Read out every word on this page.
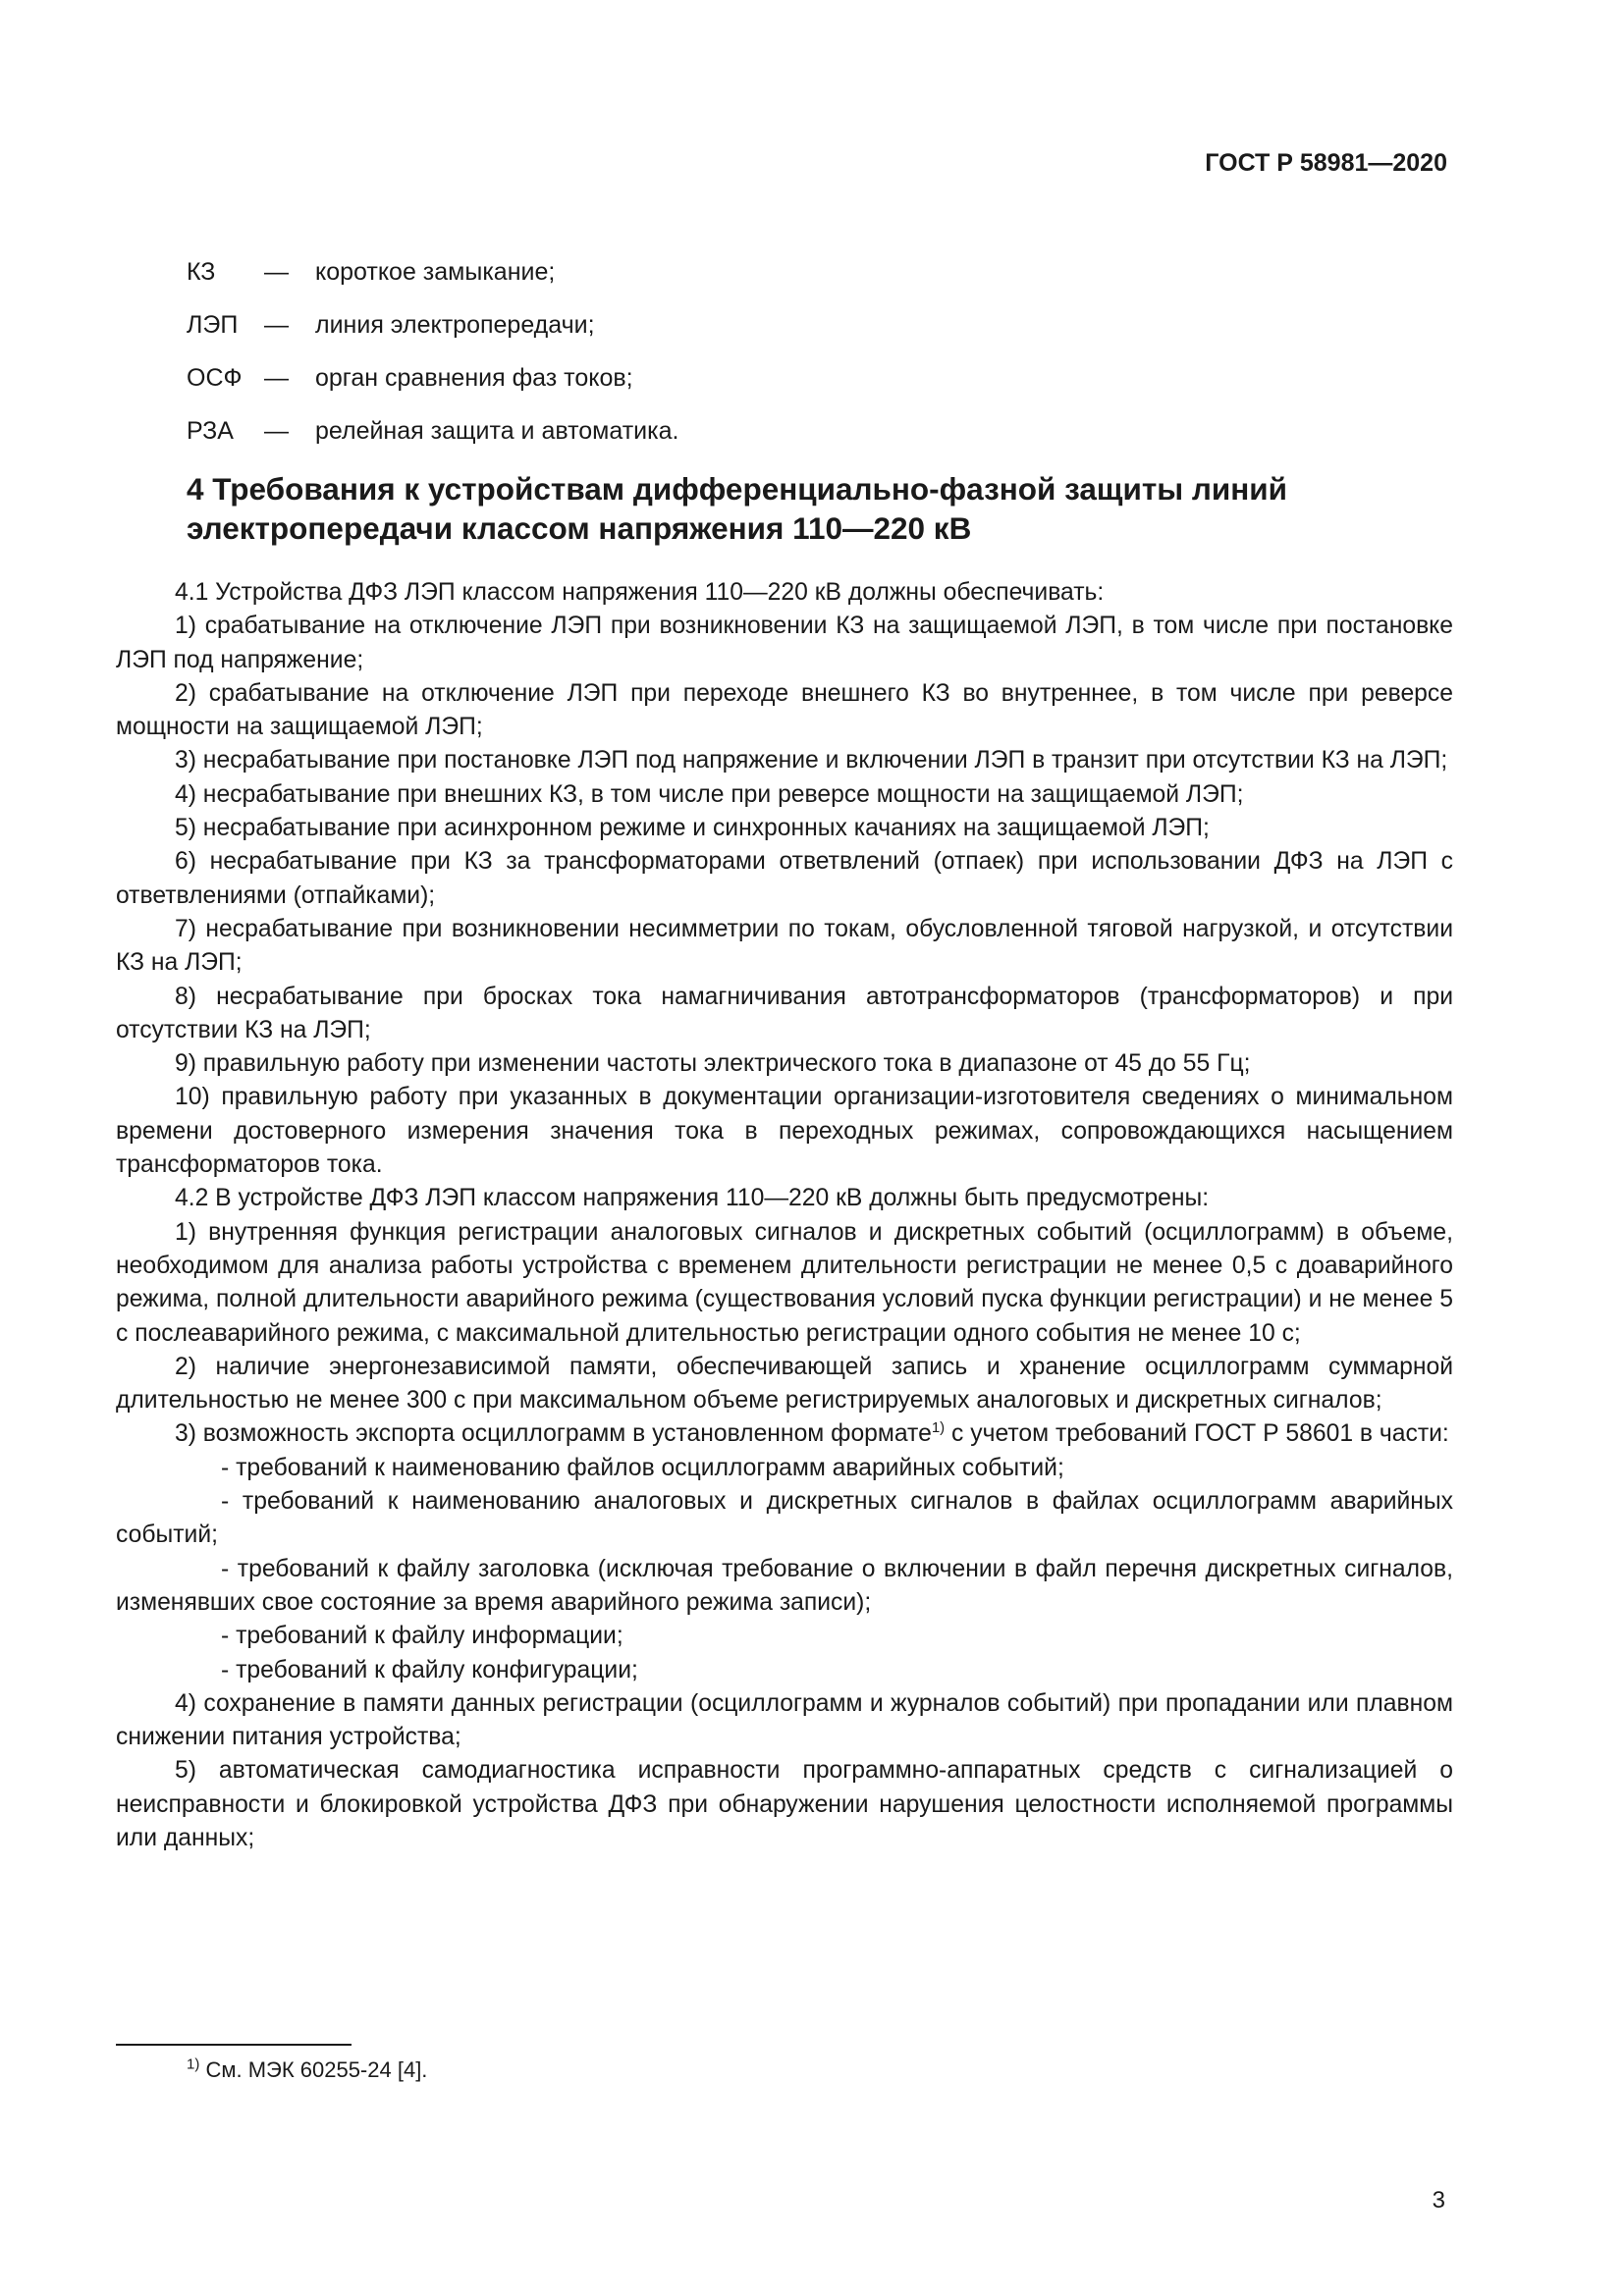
ГОСТ Р 58981—2020
КЗ	—	короткое замыкание;
ЛЭП	—	линия электропередачи;
ОСФ —	орган сравнения фаз токов;
РЗА	—	релейная защита и автоматика.
4 Требования к устройствам дифференциально-фазной защиты линий
электропередачи классом напряжения 110—220 кВ

4.1 Устройства ДФЗ ЛЭП классом напряжения 110—220 кВ должны обеспечивать:

1) срабатывание на отключение ЛЭП при возникновении КЗ на защищаемой ЛЭП, в том числе при постановке ЛЭП под напряжение;

2) срабатывание на отключение ЛЭП при переходе внешнего КЗ во внутреннее, в том числе при реверсе мощности на защищаемой ЛЭП;

3) несрабатывание при постановке ЛЭП под напряжение и включении ЛЭП в транзит при отсутствии КЗ на ЛЭП;

4) несрабатывание при внешних КЗ, в том числе при реверсе мощности на защищаемой ЛЭП;

5) несрабатывание при асинхронном режиме и синхронных качаниях на защищаемой ЛЭП;

6) несрабатывание при КЗ за трансформаторами ответвлений (отпаек) при использовании ДФЗ на ЛЭП с ответвлениями (отпайками);

7) несрабатывание при возникновении несимметрии по токам, обусловленной тяговой нагрузкой, и отсутствии КЗ на ЛЭП;

8) несрабатывание при бросках тока намагничивания автотрансформаторов (трансформаторов) и при отсутствии КЗ на ЛЭП;

9) правильную работу при изменении частоты электрического тока в диапазоне от 45 до 55 Гц;

10) правильную работу при указанных в документации организации-изготовителя сведениях о минимальном времени достоверного измерения значения тока в переходных режимах, сопровождающихся насыщением трансформаторов тока.

4.2 В устройстве ДФЗ ЛЭП классом напряжения 110—220 кВ должны быть предусмотрены:

1) внутренняя функция регистрации аналоговых сигналов и дискретных событий (осциллограмм) в объеме, необходимом для анализа работы устройства с временем длительности регистрации не менее 0,5 с доаварийного режима, полной длительности аварийного режима (существования условий пуска функции регистрации) и не менее 5 с послеаварийного режима, с максимальной длительностью регистрации одного события не менее 10 с;

2) наличие энергонезависимой памяти, обеспечивающей запись и хранение осциллограмм суммарной длительностью не менее 300 с при максимальном объеме регистрируемых аналоговых и дискретных сигналов;

3) возможность экспорта осциллограмм в установленном формате$^{1)}$ с учетом требований ГОСТ Р 58601 в части:

- требований к наименованию файлов осциллограмм аварийных событий;

- требований к наименованию аналоговых и дискретных сигналов в файлах осциллограмм аварийных событий;

- требований к файлу заголовка (исключая требование о включении в файл перечня дискретных сигналов, изменявших свое состояние за время аварийного режима записи);

- требований к файлу информации;

- требований к файлу конфигурации;

4) сохранение в памяти данных регистрации (осциллограмм и журналов событий) при пропадании или плавном снижении питания устройства;

5) автоматическая самодиагностика исправности программно-аппаратных средств с сигнализацией о неисправности и блокировкой устройства ДФЗ при обнаружении нарушения целостности исполняемой программы или данных;

$^{1)}$ См. МЭК 60255-24 [4].
3
